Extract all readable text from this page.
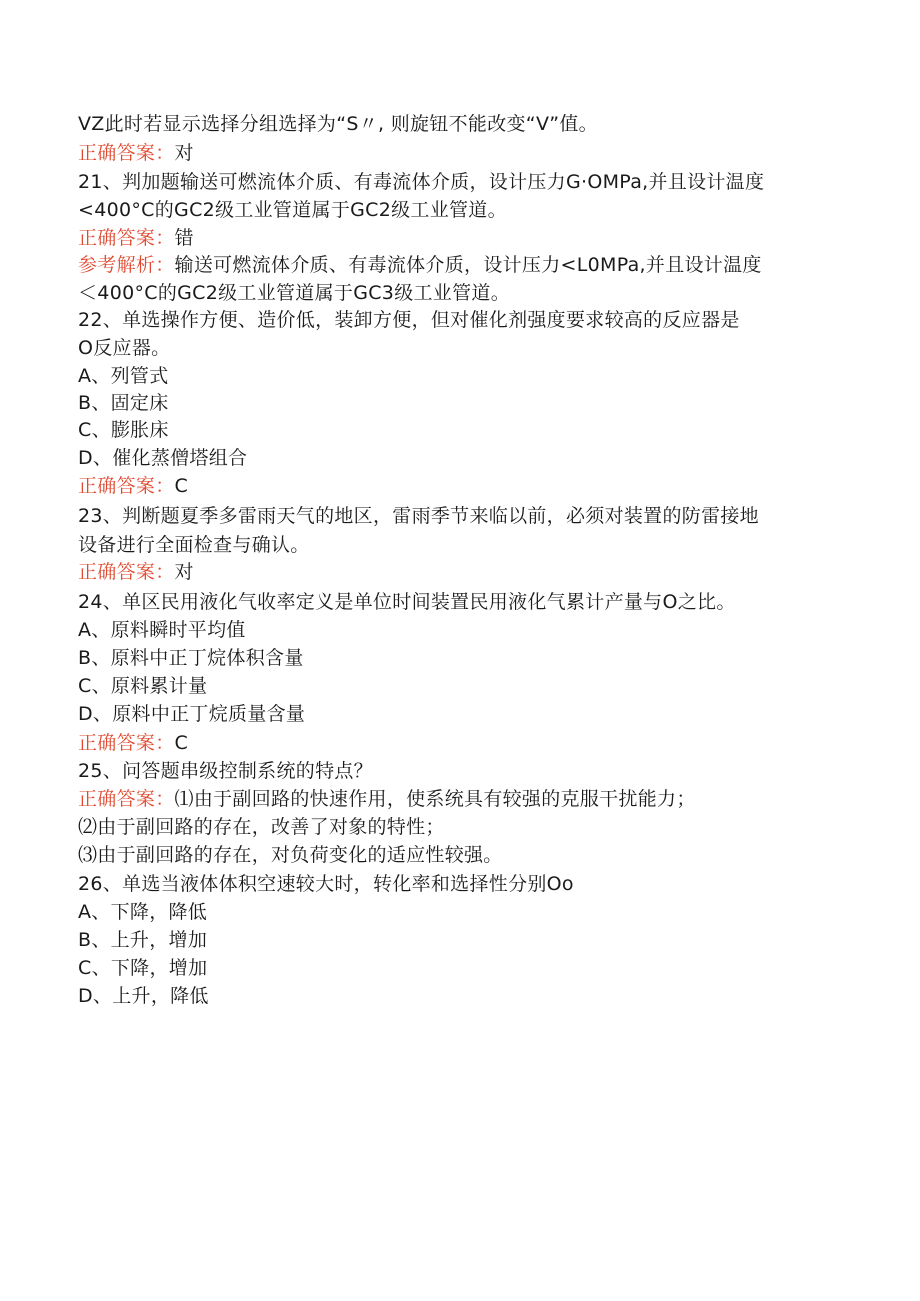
VZ此时若显示选择分组选择为“S〃, 则旋钮不能改变“V”值。
正确答案：对
21、判加题输送可燃流体介质、有毒流体介质，设计压力G·OMPa,并且设计温度
<400°C的GC2级工业管道属于GC2级工业管道。
正确答案：错
参考解析：输送可燃流体介质、有毒流体介质，设计压力<L0MPa,并且设计温度
＜400°C的GC2级工业管道属于GC3级工业管道。
22、单选操作方便、造价低，装卸方便，但对催化剂强度要求较高的反应器是
O反应器。
A、列管式
B、固定床
C、膨胀床
D、催化蒸僧塔组合
正确答案：C
23、判断题夏季多雷雨天气的地区，雷雨季节来临以前，必须对装置的防雷接地
设备进行全面检查与确认。
正确答案：对
24、单区民用液化气收率定义是单位时间装置民用液化气累计产量与O之比。
A、原料瞬时平均值
B、原料中正丁烷体积含量
C、原料累计量
D、原料中正丁烷质量含量
正确答案：C
25、问答题串级控制系统的特点？
正确答案：⑴由于副回路的快速作用，使系统具有较强的克服干扰能力；
⑵由于副回路的存在，改善了对象的特性；
⑶由于副回路的存在，对负荷变化的适应性较强。
26、单选当液体体积空速较大时，转化率和选择性分别Oo
A、下降，降低
B、上升，增加
C、下降，增加
D、上升，降低
